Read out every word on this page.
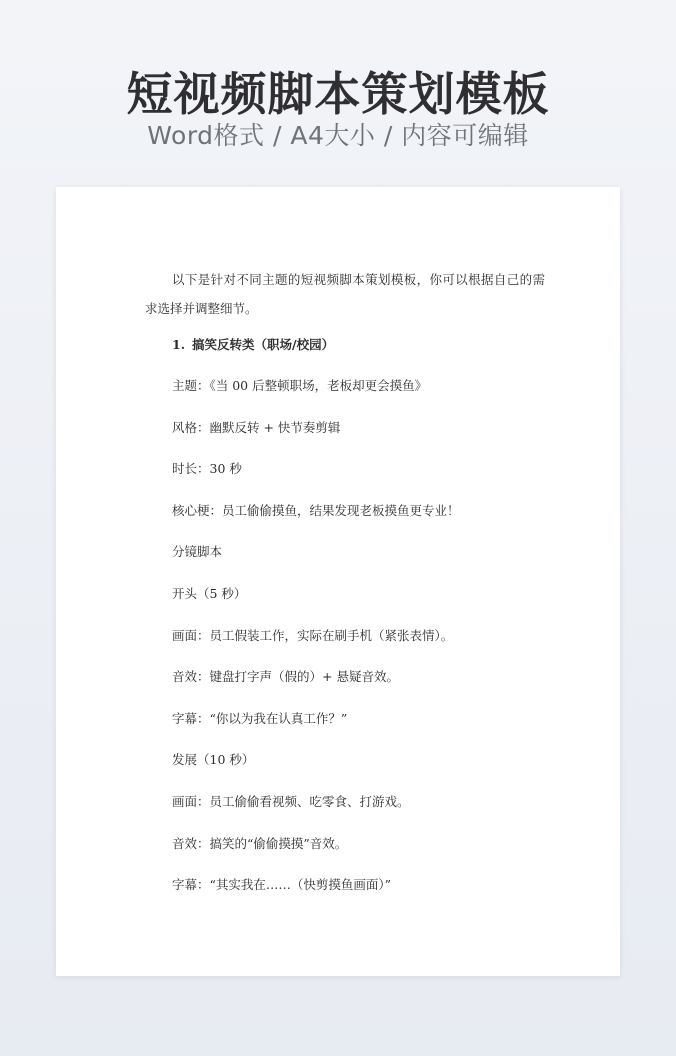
短视频脚本策划模板
Word格式 / A4大小 / 内容可编辑

以下是针对不同主题的短视频脚本策划模板，你可以根据自己的需求选择并调整细节。

1. 搞笑反转类（职场/校园）

主题：《当 00 后整顿职场，老板却更会摸鱼》

风格：幽默反转 + 快节奏剪辑

时长：30 秒

核心梗：员工偷偷摸鱼，结果发现老板摸鱼更专业！

分镜脚本

开头（5 秒）

画面：员工假装工作，实际在刷手机（紧张表情）。

音效：键盘打字声（假的）+ 悬疑音效。

字幕：“你以为我在认真工作？”

发展（10 秒）

画面：员工偷偷看视频、吃零食、打游戏。

音效：搞笑的“偷偷摸摸”音效。

字幕：“其实我在……（快剪摸鱼画面）”
